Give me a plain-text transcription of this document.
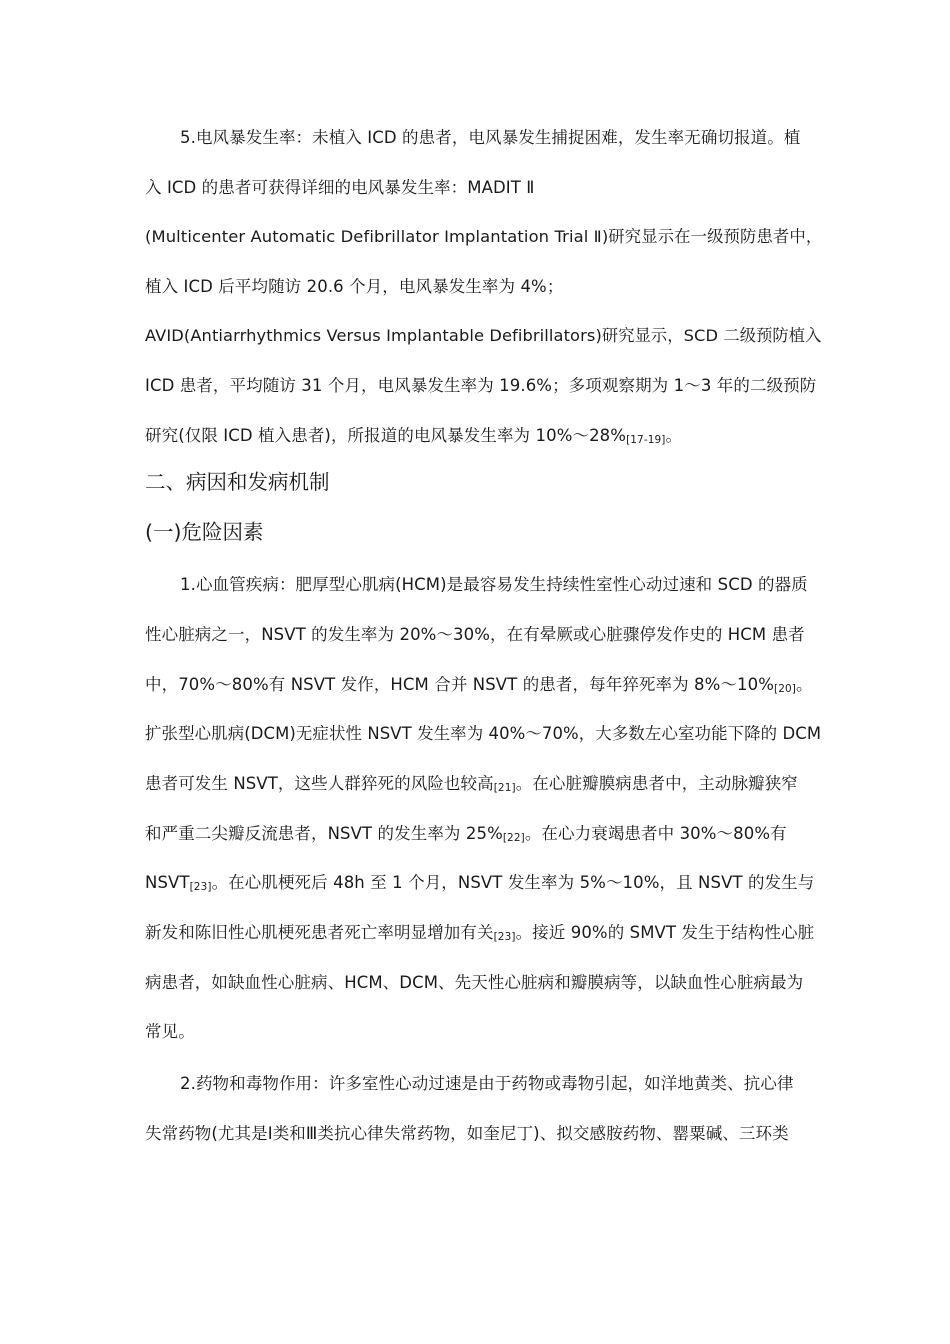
5.电风暴发生率：未植入 ICD 的患者，电风暴发生捕捉困难，发生率无确切报道。植
入 ICD 的患者可获得详细的电风暴发生率：MADIT Ⅱ
(Multicenter Automatic Defibrillator Implantation Trial Ⅱ)研究显示在一级预防患者中，
植入 ICD 后平均随访 20.6 个月，电风暴发生率为 4%；
AVID(Antiarrhythmics Versus Implantable Defibrillators)研究显示，SCD 二级预防植入
ICD 患者，平均随访 31 个月，电风暴发生率为 19.6%；多项观察期为 1～3 年的二级预防
研究(仅限 ICD 植入患者)，所报道的电风暴发生率为 10%～28%[17-19]。
二、病因和发病机制
(一)危险因素
1.心血管疾病：肥厚型心肌病(HCM)是最容易发生持续性室性心动过速和 SCD 的器质
性心脏病之一，NSVT 的发生率为 20%～30%，在有晕厥或心脏骤停发作史的 HCM 患者
中，70%～80%有 NSVT 发作，HCM 合并 NSVT 的患者，每年猝死率为 8%～10%[20]。
扩张型心肌病(DCM)无症状性 NSVT 发生率为 40%～70%，大多数左心室功能下降的 DCM
患者可发生 NSVT，这些人群猝死的风险也较高[21]。在心脏瓣膜病患者中，主动脉瓣狭窄
和严重二尖瓣反流患者，NSVT 的发生率为 25%[22]。在心力衰竭患者中 30%～80%有
NSVT[23]。在心肌梗死后 48h 至 1 个月，NSVT 发生率为 5%～10%，且 NSVT 的发生与
新发和陈旧性心肌梗死患者死亡率明显增加有关[23]。接近 90%的 SMVT 发生于结构性心脏
病患者，如缺血性心脏病、HCM、DCM、先天性心脏病和瓣膜病等，以缺血性心脏病最为
常见。
2.药物和毒物作用：许多室性心动过速是由于药物或毒物引起，如洋地黄类、抗心律
失常药物(尤其是Ⅰ类和Ⅲ类抗心律失常药物，如奎尼丁)、拟交感胺药物、罂粟碱、三环类
